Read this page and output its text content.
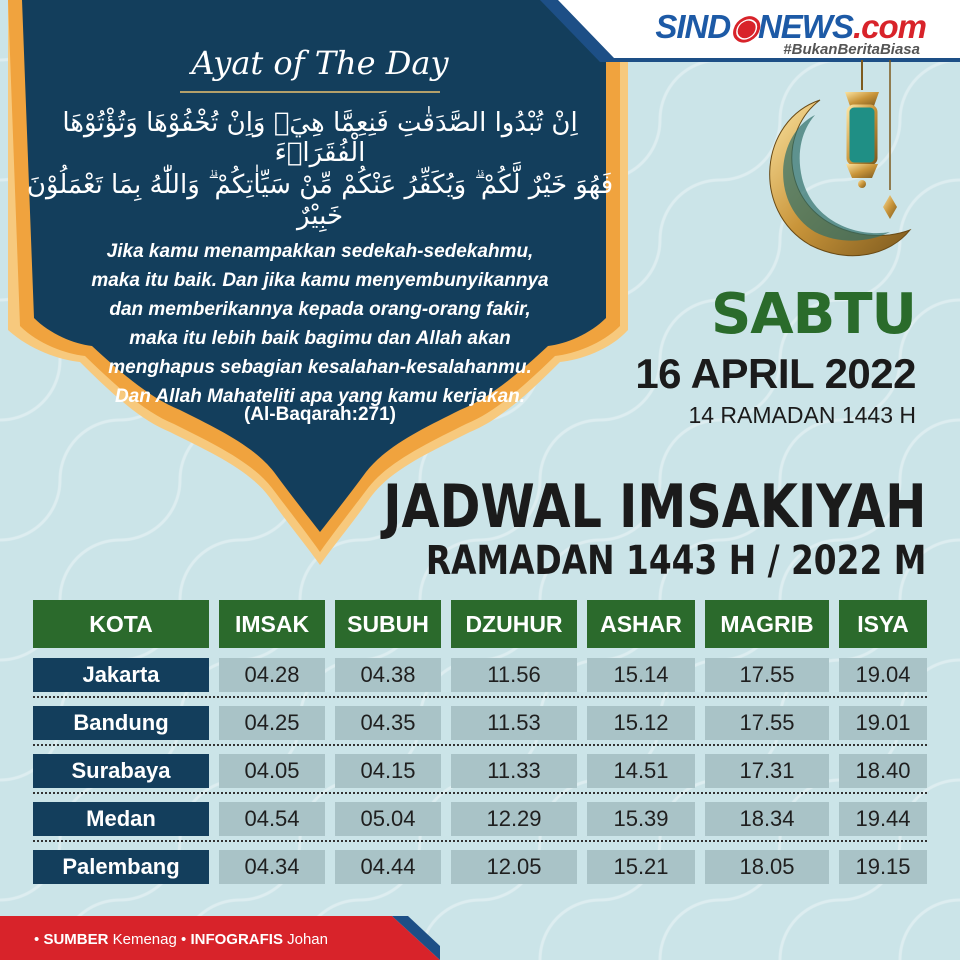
Ayat of The Day
اِنْ تُبْدُوا الصَّدَقٰتِ فَنِعِمَّا هِيَۚ وَاِنْ تُخْفُوْهَا وَتُؤْتُوْهَا الْفُقَرَاۤءَ
فَهُوَ خَيْرٌ لَّكُمْ ۗ وَيُكَفِّرُ عَنْكُمْ مِّنْ سَيِّاٰتِكُمْ ۗ وَاللّٰهُ بِمَا تَعْمَلُوْنَ خَبِيْرٌ
Jika kamu menampakkan sedekah-sedekahmu,
maka itu baik. Dan jika kamu menyembunyikannya
dan memberikannya kepada orang-orang fakir,
maka itu lebih baik bagimu dan Allah akan
menghapus sebagian kesalahan-kesalahanmu.
Dan Allah Mahateliti apa yang kamu kerjakan.
(Al-Baqarah:271)
SIND◉NEWS.com
#BukanBeritaBiasa
SABTU
16 APRIL 2022
14 RAMADAN 1443 H
JADWAL IMSAKIYAH
RAMADAN 1443 H / 2022 M
KOTA	IMSAK	SUBUH	DZUHUR	ASHAR	MAGRIB	ISYA
Jakarta	04.28	04.38	11.56	15.14	17.55	19.04
Bandung	04.25	04.35	11.53	15.12	17.55	19.01
Surabaya	04.05	04.15	11.33	14.51	17.31	18.40
Medan	04.54	05.04	12.29	15.39	18.34	19.44
Palembang	04.34	04.44	12.05	15.21	18.05	19.15
• SUMBER Kemenag • INFOGRAFIS Johan
